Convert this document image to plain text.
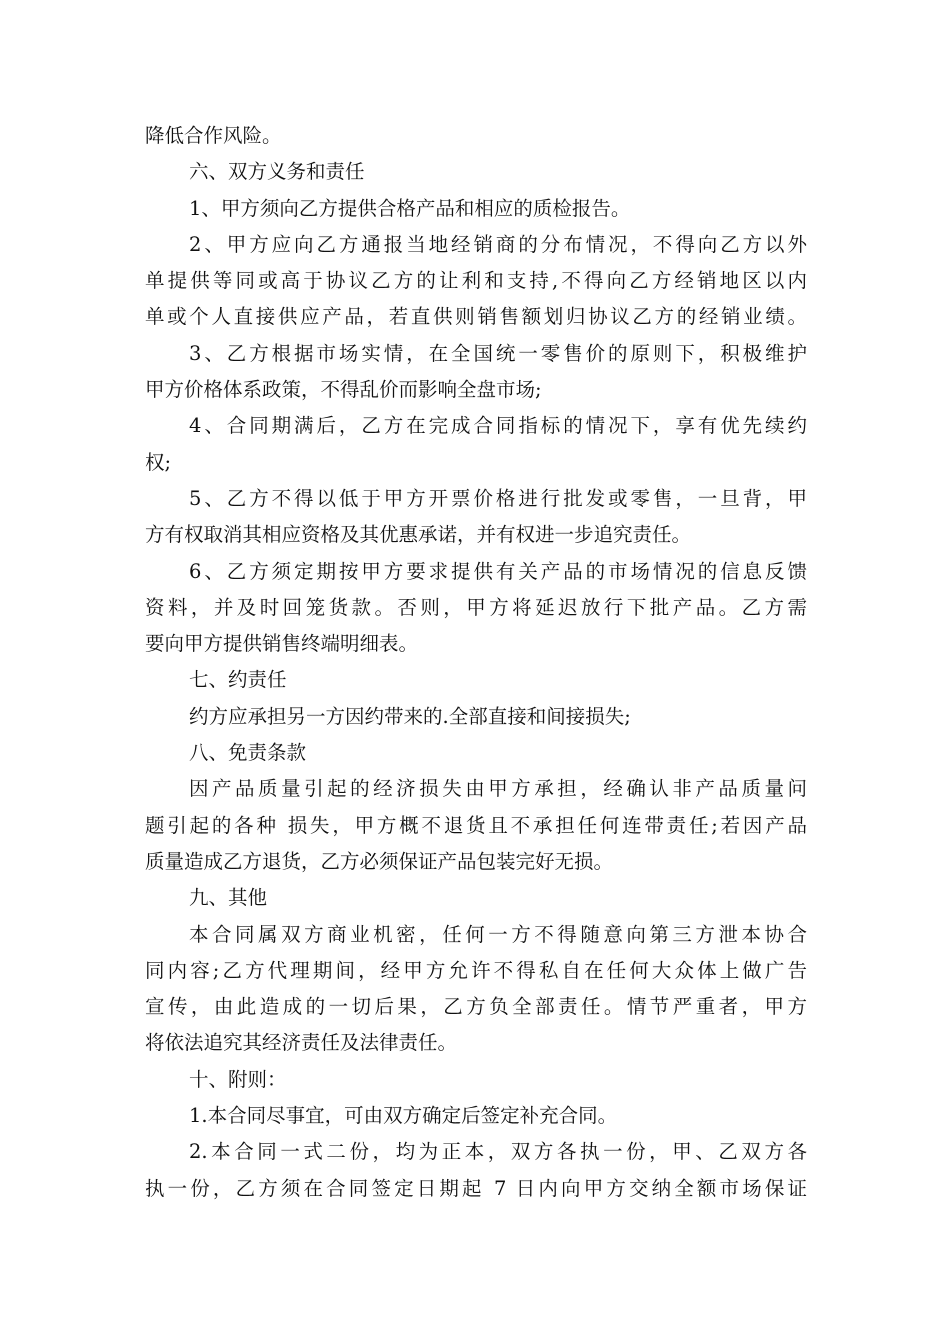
降低合作风险。
六、双方义务和责任
1、甲方须向乙方提供合格产品和相应的质检报告。
2、甲方应向乙方通报当地经销商的分布情况，不得向乙方以外
单提供等同或高于协议乙方的让利和支持,不得向乙方经销地区以内
单或个人直接供应产品，若直供则销售额划归协议乙方的经销业绩。
3、乙方根据市场实情，在全国统一零售价的原则下，积极维护
甲方价格体系政策，不得乱价而影响全盘市场;
4、合同期满后，乙方在完成合同指标的情况下，享有优先续约
权;
5、乙方不得以低于甲方开票价格进行批发或零售，一旦背，甲
方有权取消其相应资格及其优惠承诺，并有权进一步追究责任。
6、乙方须定期按甲方要求提供有关产品的市场情况的信息反馈
资料，并及时回笼货款。否则，甲方将延迟放行下批产品。乙方需
要向甲方提供销售终端明细表。
七、约责任
约方应承担另一方因约带来的.全部直接和间接损失;
八、免责条款
因产品质量引起的经济损失由甲方承担，经确认非产品质量问
题引起的各种 损失，甲方概不退货且不承担任何连带责任;若因产品
质量造成乙方退货，乙方必须保证产品包装完好无损。
九、其他
本合同属双方商业机密，任何一方不得随意向第三方泄本协合
同内容;乙方代理期间，经甲方允许不得私自在任何大众体上做广告
宣传，由此造成的一切后果，乙方负全部责任。情节严重者，甲方
将依法追究其经济责任及法律责任。
十、附则：
1.本合同尽事宜，可由双方确定后签定补充合同。
2.本合同一式二份，均为正本，双方各执一份，甲、乙双方各
执一份，乙方须在合同签定日期起 7 日内向甲方交纳全额市场保证
